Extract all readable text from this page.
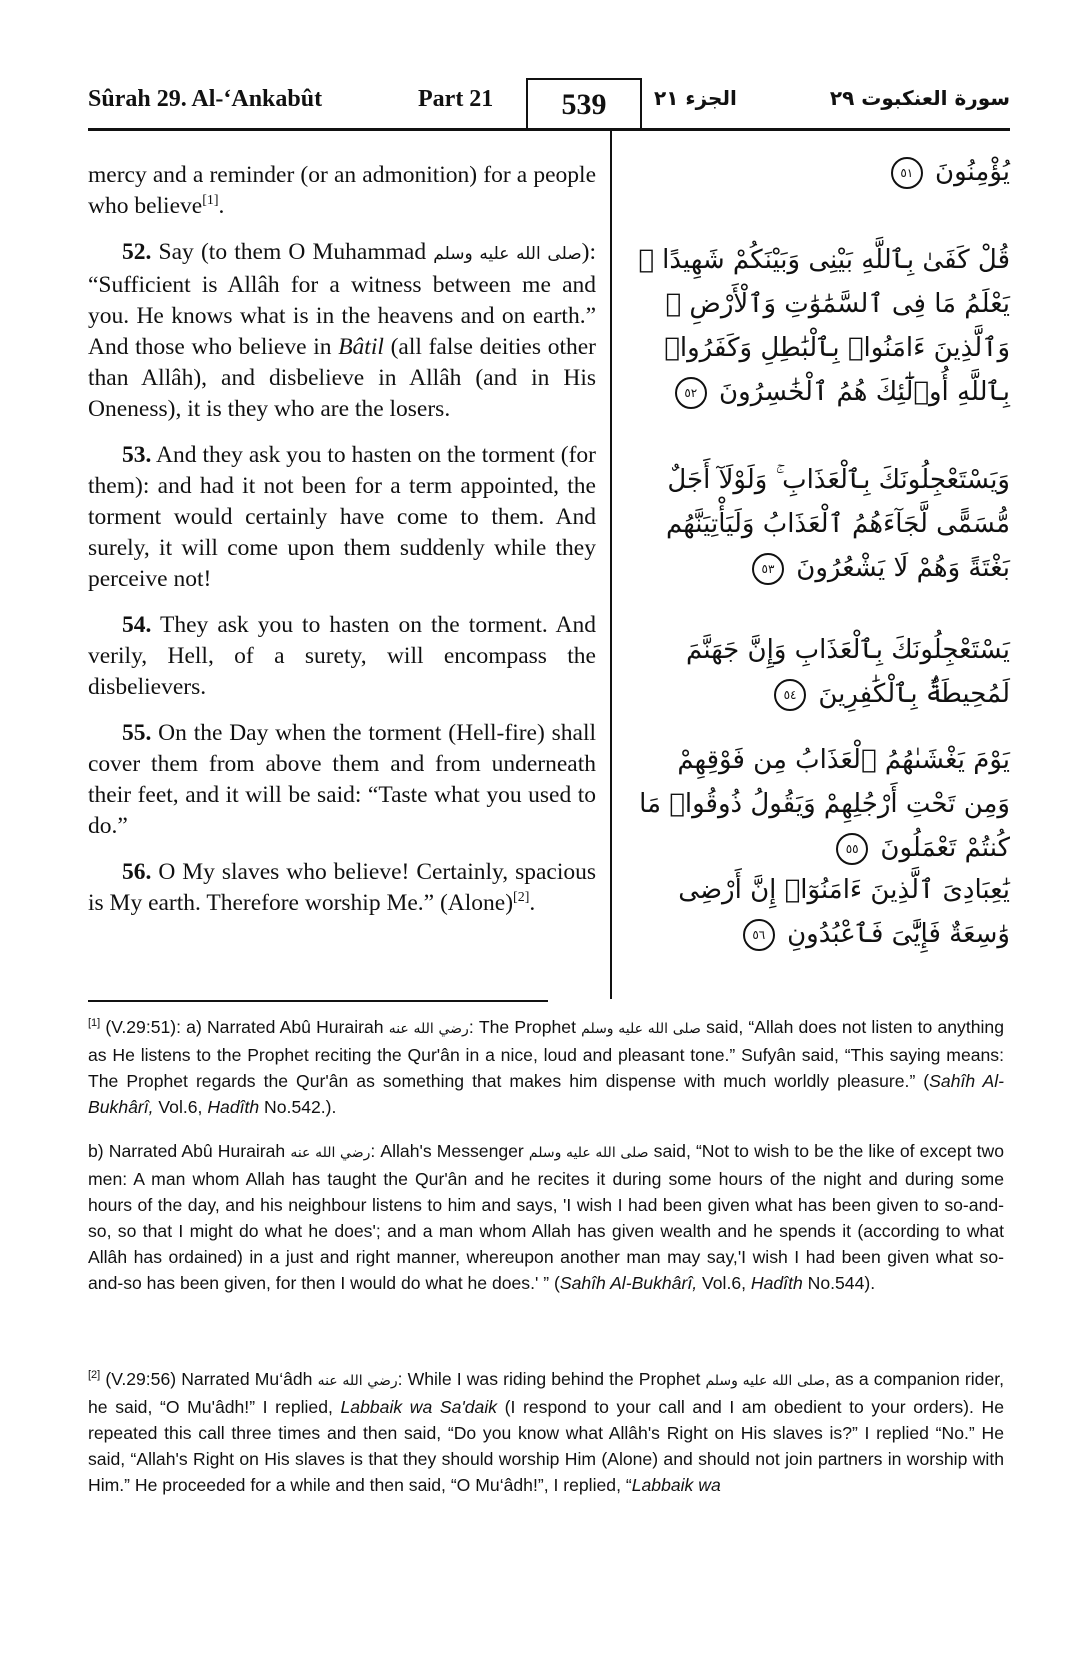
Sûrah 29. Al-‘Ankabût	Part 21	539	الجزء ٢١	سورة العنكبوت ٢٩

mercy and a reminder (or an admonition) for a people who believe[1].

52. Say (to them O Muhammad صلى الله عليه وسلم): “Sufficient is Allâh for a witness between me and you. He knows what is in the heavens and on earth.” And those who believe in Bâtil (all false deities other than Allâh), and disbelieve in Allâh (and in His Oneness), it is they who are the losers.

53. And they ask you to hasten on the torment (for them): and had it not been for a term appointed, the torment would certainly have come to them. And surely, it will come upon them suddenly while they perceive not!

54. They ask you to hasten on the torment. And verily, Hell, of a surety, will encompass the disbelievers.

55. On the Day when the torment (Hell-fire) shall cover them from above them and from underneath their feet, and it will be said: “Taste what you used to do.”

56. O My slaves who believe! Certainly, spacious is My earth. Therefore worship Me.” (Alone)[2].

يُؤْمِنُونَ ٥١
قُلْ كَفَىٰ بِٱللَّهِ بَيْنِى وَبَيْنَكُمْ شَهِيدًا ۖ يَعْلَمُ مَا فِى ٱلسَّمَٰوَٰتِ وَٱلْأَرْضِ ۗ وَٱلَّذِينَ ءَامَنُوا۟ بِٱلْبَٰطِلِ وَكَفَرُوا۟ بِٱللَّهِ أُو۟لَٰٓئِكَ هُمُ ٱلْخَٰسِرُونَ ٥٢
وَيَسْتَعْجِلُونَكَ بِٱلْعَذَابِ ۚ وَلَوْلَآ أَجَلٌ مُّسَمًّى لَّجَآءَهُمُ ٱلْعَذَابُ وَلَيَأْتِيَنَّهُم بَغْتَةً وَهُمْ لَا يَشْعُرُونَ ٥٣
يَسْتَعْجِلُونَكَ بِٱلْعَذَابِ وَإِنَّ جَهَنَّمَ لَمُحِيطَةٌۢ بِٱلْكَٰفِرِينَ ٥٤
يَوْمَ يَغْشَىٰهُمُ ٱلْعَذَابُ مِن فَوْقِهِمْ وَمِن تَحْتِ أَرْجُلِهِمْ وَيَقُولُ ذُوقُوا۟ مَا كُنتُمْ تَعْمَلُونَ ٥٥
يَٰعِبَادِىَ ٱلَّذِينَ ءَامَنُوٓا۟ إِنَّ أَرْضِى وَٰسِعَةٌ فَإِيَّٰىَ فَٱعْبُدُونِ ٥٦
[1] (V.29:51): a) Narrated Abû Hurairah رضي الله عنه: The Prophet صلى الله عليه وسلم said, “Allah does not listen to anything as He listens to the Prophet reciting the Qur'ân in a nice, loud and pleasant tone.” Sufyân said, “This saying means: The Prophet regards the Qur'ân as something that makes him dispense with much worldly pleasure.” (Sahîh Al-Bukhârî, Vol.6, Hadîth No.542.).
b) Narrated Abû Hurairah رضي الله عنه: Allah's Messenger صلى الله عليه وسلم said, “Not to wish to be the like of except two men: A man whom Allah has taught the Qur'ân and he recites it during some hours of the night and during some hours of the day, and his neighbour listens to him and says, 'I wish I had been given what has been given to so-and-so, so that I might do what he does'; and a man whom Allah has given wealth and he spends it (according to what Allâh has ordained) in a just and right manner, whereupon another man may say,'I wish I had been given what so-and-so has been given, for then I would do what he does.' ” (Sahîh Al-Bukhârî, Vol.6, Hadîth No.544).
[2] (V.29:56) Narrated Mu‘âdh رضي الله عنه: While I was riding behind the Prophet صلى الله عليه وسلم, as a companion rider, he said, “O Mu'âdh!” I replied, Labbaik wa Sa'daik (I respond to your call and I am obedient to your orders). He repeated this call three times and then said, “Do you know what Allâh's Right on His slaves is?” I replied “No.” He said, “Allah's Right on His slaves is that they should worship Him (Alone) and should not join partners in worship with Him.” He proceeded for a while and then said, “O Mu‘âdh!”, I replied, “Labbaik wa
